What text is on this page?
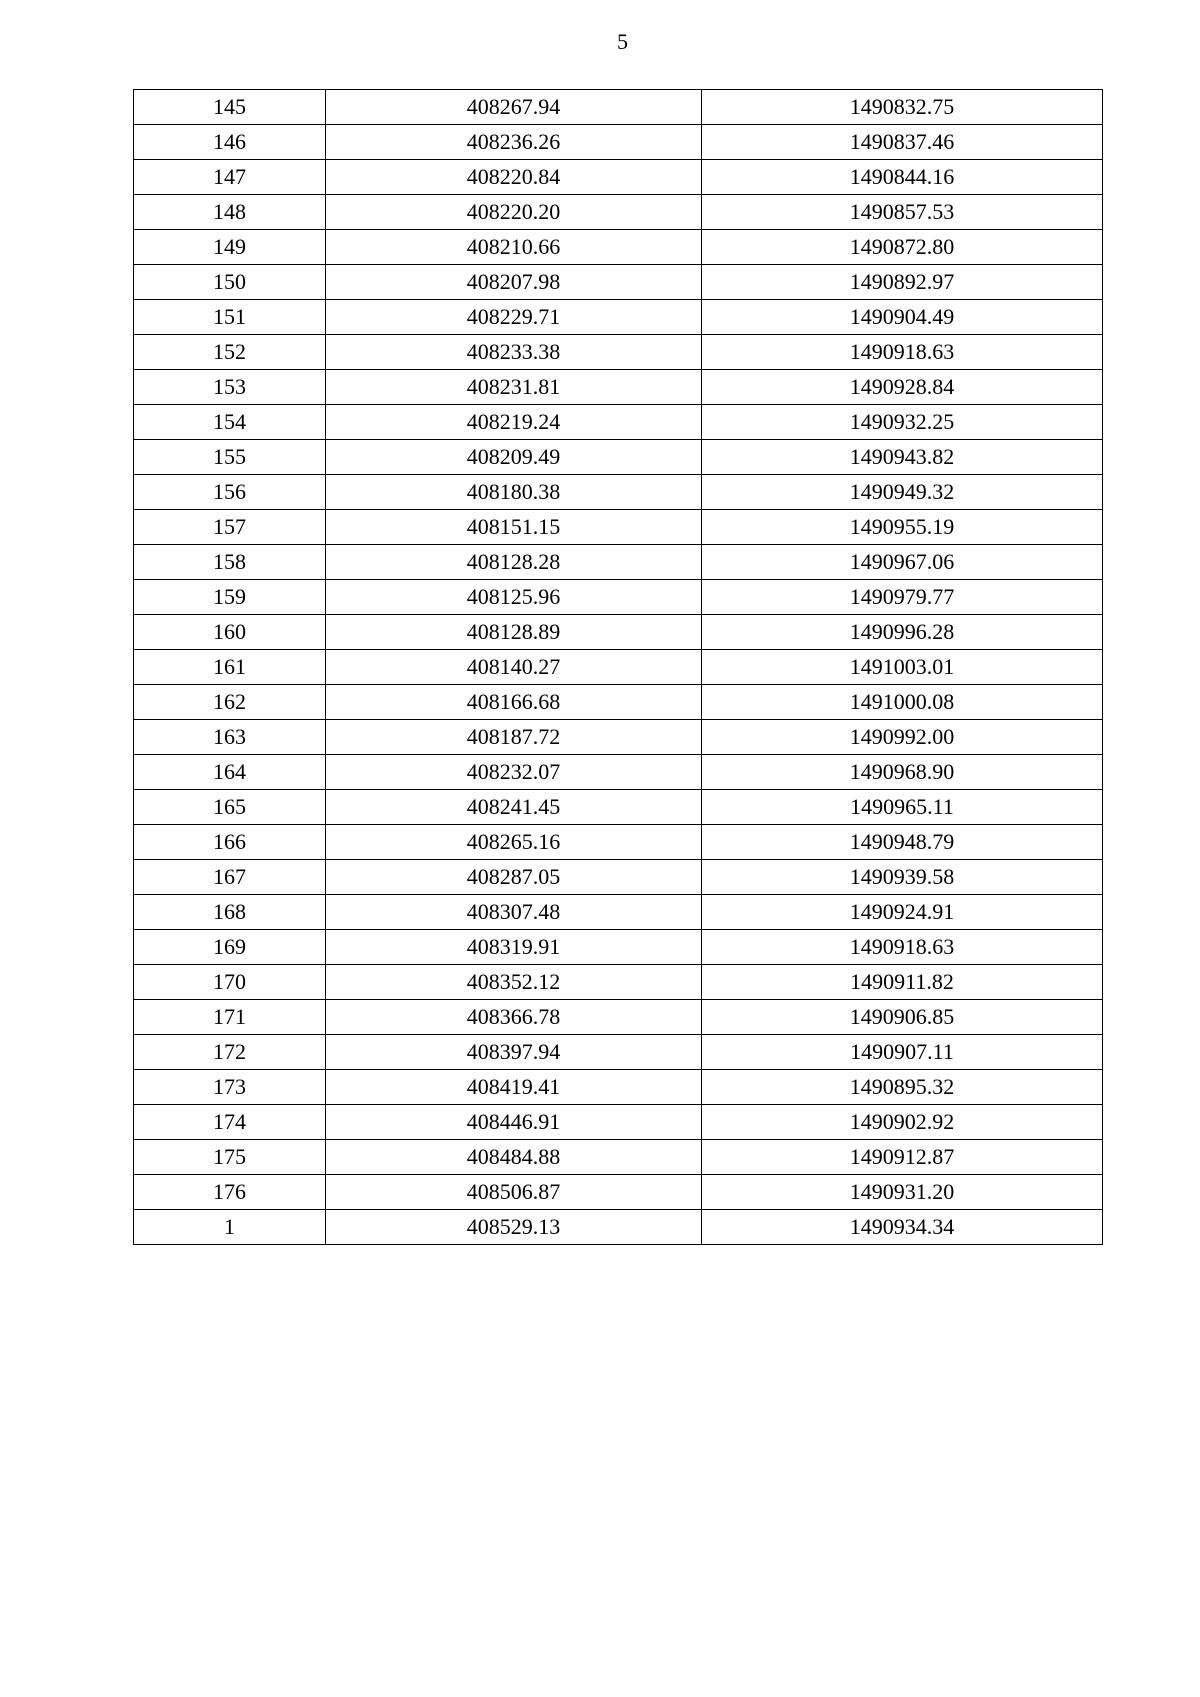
5
145	408267.94	1490832.75
146	408236.26	1490837.46
147	408220.84	1490844.16
148	408220.20	1490857.53
149	408210.66	1490872.80
150	408207.98	1490892.97
151	408229.71	1490904.49
152	408233.38	1490918.63
153	408231.81	1490928.84
154	408219.24	1490932.25
155	408209.49	1490943.82
156	408180.38	1490949.32
157	408151.15	1490955.19
158	408128.28	1490967.06
159	408125.96	1490979.77
160	408128.89	1490996.28
161	408140.27	1491003.01
162	408166.68	1491000.08
163	408187.72	1490992.00
164	408232.07	1490968.90
165	408241.45	1490965.11
166	408265.16	1490948.79
167	408287.05	1490939.58
168	408307.48	1490924.91
169	408319.91	1490918.63
170	408352.12	1490911.82
171	408366.78	1490906.85
172	408397.94	1490907.11
173	408419.41	1490895.32
174	408446.91	1490902.92
175	408484.88	1490912.87
176	408506.87	1490931.20
1	408529.13	1490934.34
